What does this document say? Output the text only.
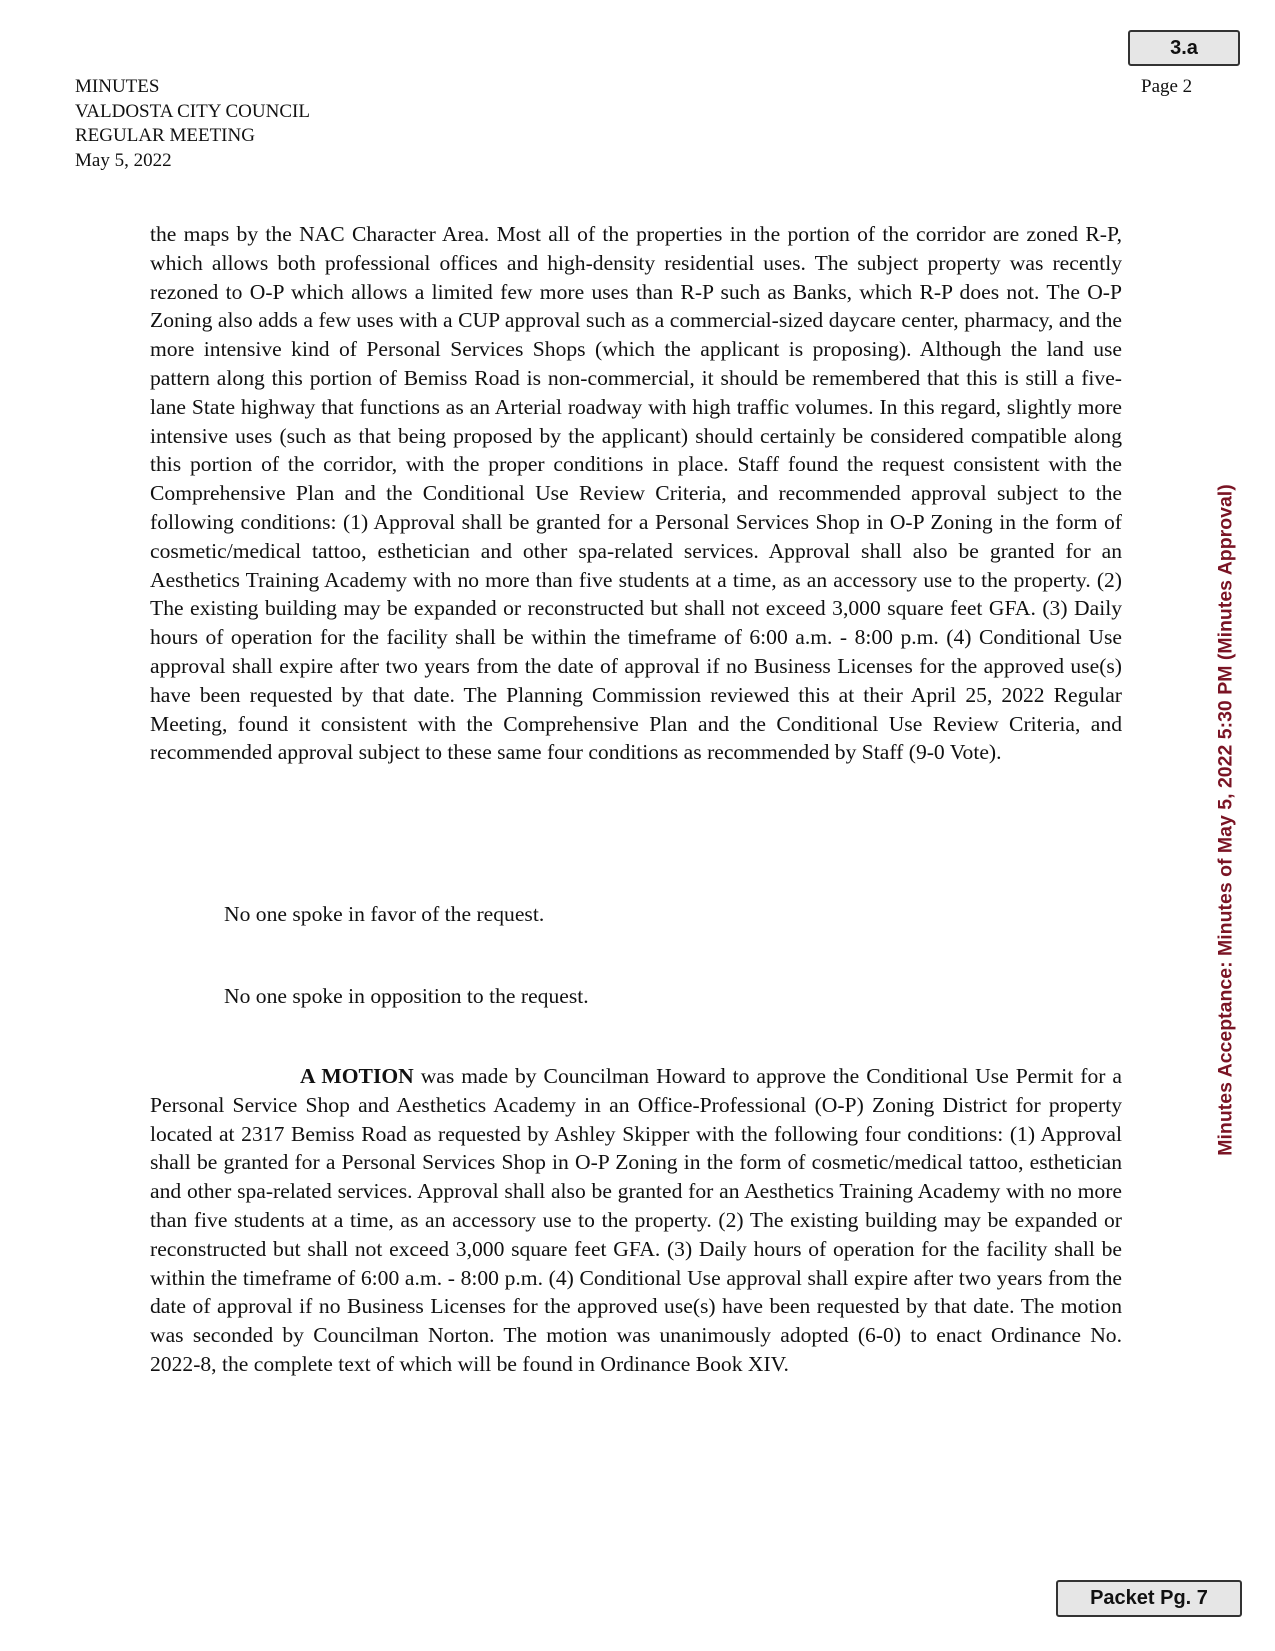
3.a
MINUTES
VALDOSTA CITY COUNCIL
REGULAR MEETING
May 5, 2022
Page 2

the maps by the NAC Character Area. Most all of the properties in the portion of the corridor are zoned R-P, which allows both professional offices and high-density residential uses. The subject property was recently rezoned to O-P which allows a limited few more uses than R-P such as Banks, which R-P does not. The O-P Zoning also adds a few uses with a CUP approval such as a commercial-sized daycare center, pharmacy, and the more intensive kind of Personal Services Shops (which the applicant is proposing). Although the land use pattern along this portion of Bemiss Road is non-commercial, it should be remembered that this is still a five-lane State highway that functions as an Arterial roadway with high traffic volumes. In this regard, slightly more intensive uses (such as that being proposed by the applicant) should certainly be considered compatible along this portion of the corridor, with the proper conditions in place. Staff found the request consistent with the Comprehensive Plan and the Conditional Use Review Criteria, and recommended approval subject to the following conditions: (1) Approval shall be granted for a Personal Services Shop in O-P Zoning in the form of cosmetic/medical tattoo, esthetician and other spa-related services. Approval shall also be granted for an Aesthetics Training Academy with no more than five students at a time, as an accessory use to the property. (2) The existing building may be expanded or reconstructed but shall not exceed 3,000 square feet GFA. (3) Daily hours of operation for the facility shall be within the timeframe of 6:00 a.m. - 8:00 p.m. (4) Conditional Use approval shall expire after two years from the date of approval if no Business Licenses for the approved use(s) have been requested by that date. The Planning Commission reviewed this at their April 25, 2022 Regular Meeting, found it consistent with the Comprehensive Plan and the Conditional Use Review Criteria, and recommended approval subject to these same four conditions as recommended by Staff (9-0 Vote).

No one spoke in favor of the request.
No one spoke in opposition to the request.

A MOTION was made by Councilman Howard to approve the Conditional Use Permit for a Personal Service Shop and Aesthetics Academy in an Office-Professional (O-P) Zoning District for property located at 2317 Bemiss Road as requested by Ashley Skipper with the following four conditions: (1) Approval shall be granted for a Personal Services Shop in O-P Zoning in the form of cosmetic/medical tattoo, esthetician and other spa-related services. Approval shall also be granted for an Aesthetics Training Academy with no more than five students at a time, as an accessory use to the property. (2) The existing building may be expanded or reconstructed but shall not exceed 3,000 square feet GFA. (3) Daily hours of operation for the facility shall be within the timeframe of 6:00 a.m. - 8:00 p.m. (4) Conditional Use approval shall expire after two years from the date of approval if no Business Licenses for the approved use(s) have been requested by that date. The motion was seconded by Councilman Norton. The motion was unanimously adopted (6-0) to enact Ordinance No. 2022-8, the complete text of which will be found in Ordinance Book XIV.

Minutes Acceptance: Minutes of May 5, 2022 5:30 PM (Minutes Approval)
Packet Pg. 7
